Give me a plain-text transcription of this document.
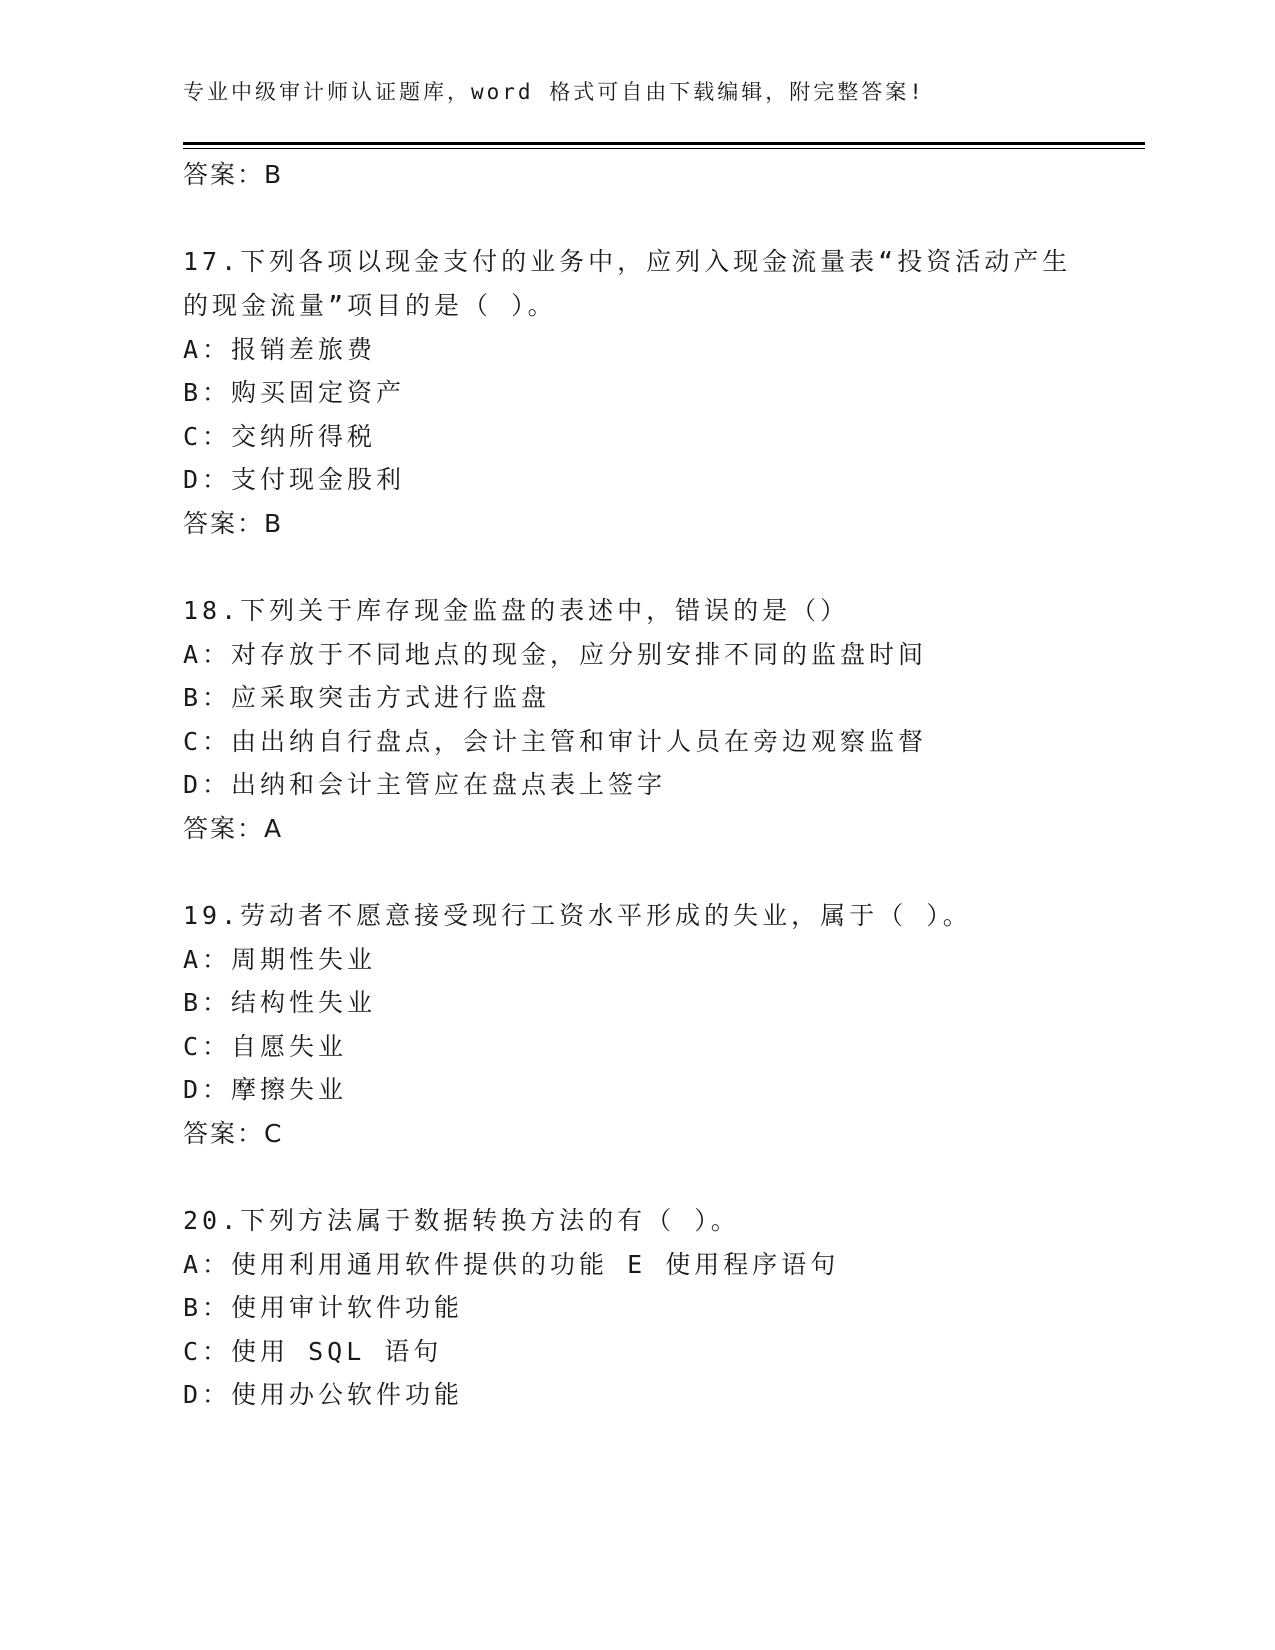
专业中级审计师认证题库，word 格式可自由下载编辑，附完整答案!
答案：B
17.下列各项以现金支付的业务中，应列入现金流量表“投资活动产生
的现金流量”项目的是（ ）。
A：报销差旅费
B：购买固定资产
C：交纳所得税
D：支付现金股利
答案：B
18.下列关于库存现金监盘的表述中，错误的是（）
A：对存放于不同地点的现金，应分别安排不同的监盘时间
B：应采取突击方式进行监盘
C：由出纳自行盘点，会计主管和审计人员在旁边观察监督
D：出纳和会计主管应在盘点表上签字
答案：A
19.劳动者不愿意接受现行工资水平形成的失业，属于（ ）。
A：周期性失业
B：结构性失业
C：自愿失业
D：摩擦失业
答案：C
20.下列方法属于数据转换方法的有（ ）。
A：使用利用通用软件提供的功能 E 使用程序语句
B：使用审计软件功能
C：使用 SQL 语句
D：使用办公软件功能
